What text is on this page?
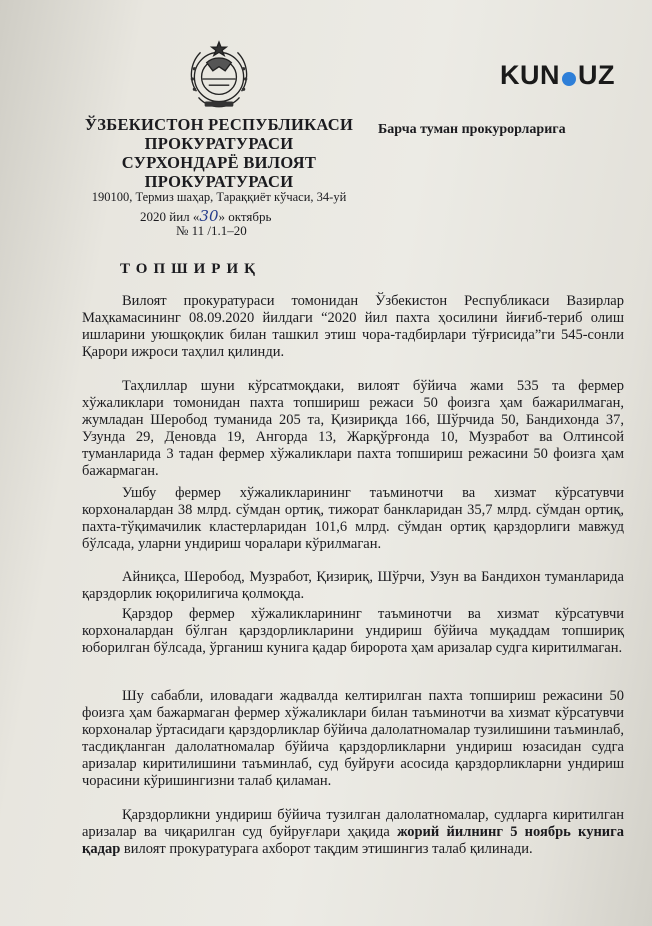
KUN UZ
ЎЗБЕКИСТОН РЕСПУБЛИКАСИ
ПРОКУРАТУРАСИ
СУРХОНДАРЁ ВИЛОЯТ
ПРОКУРАТУРАСИ
190100, Термиз шаҳар, Тараққиёт кўчаси, 34-уй
Барча туман прокурорларига
2020 йил «30» октябрь
№ 11 /1.1–20
ТОПШИРИҚ

Вилоят прокуратураси томонидан Ўзбекистон Республикаси Вазирлар Маҳкамасининг 08.09.2020 йилдаги “2020 йил пахта ҳосилини йиғиб-териб олиш ишларини уюшқоқлик билан ташкил этиш чора-тадбирлари тўғрисида”ги 545-сонли Қарори ижроси таҳлил қилинди.

Таҳлиллар шуни кўрсатмоқдаки, вилоят бўйича жами 535 та фермер хўжаликлари томонидан пахта топшириш режаси 50 фоизга ҳам бажарилмаган, жумладан Шеробод туманида 205 та, Қизириқда 166, Шўрчида 50, Бандихонда 37, Узунда 29, Деновда 19, Ангорда 13, Жарқўрғонда 10, Музработ ва Олтинсой туманларида 3 тадан фермер хўжаликлари пахта топшириш режасини 50 фоизга ҳам бажармаган.

Ушбу фермер хўжаликларининг таъминотчи ва хизмат кўрсатувчи корхоналардан 38 млрд. сўмдан ортиқ, тижорат банкларидан 35,7 млрд. сўмдан ортиқ, пахта-тўқимачилик кластерларидан 101,6 млрд. сўмдан ортиқ қарздорлиги мавжуд бўлсада, уларни ундириш чоралари кўрилмаган.

Айниқса, Шеробод, Музработ, Қизириқ, Шўрчи, Узун ва Бандихон туманларида қарздорлик юқорилигича қолмоқда.

Қарздор фермер хўжаликларининг таъминотчи ва хизмат кўрсатувчи корхоналардан бўлган қарздорликларини ундириш бўйича муқаддам топшириқ юборилган бўлсада, ўрганиш кунига қадар биророта ҳам аризалар судга киритилмаган.

Шу сабабли, иловадаги жадвалда келтирилган пахта топшириш режасини 50 фоизга ҳам бажармаган фермер хўжаликлари билан таъминотчи ва хизмат кўрсатувчи корхоналар ўртасидаги қарздорликлар бўйича далолатномалар тузилишини таъминлаб, тасдиқланган далолатномалар бўйича қарздорликларни ундириш юзасидан судга аризалар киритилишини таъминлаб, суд буйруғи асосида қарздорликларни ундириш чорасини кўришингизни талаб қиламан.

Қарздорликни ундириш бўйича тузилган далолатномалар, судларга киритилган аризалар ва чиқарилган суд буйруғлари ҳақида жорий йилнинг 5 ноябрь кунига қадар вилоят прокуратурага ахборот тақдим этишингиз талаб қилинади.
